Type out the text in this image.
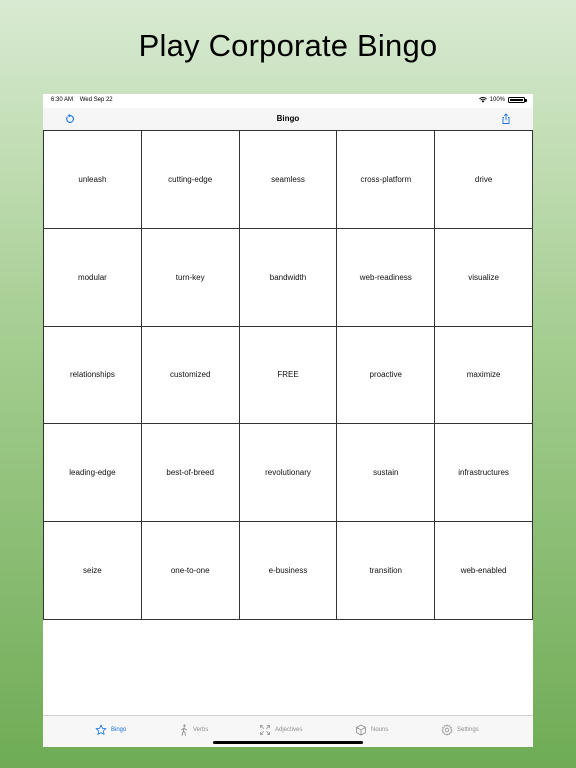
Play Corporate Bingo
6:30 AM Wed Sep 22	100%
Bingo
unleash	cutting-edge	seamless	cross-platform	drive
modular	turn-key	bandwidth	web-readiness	visualize
relationships	customized	FREE	proactive	maximize
leading-edge	best-of-breed	revolutionary	sustain	infrastructures
seize	one-to-one	e-business	transition	web-enabled
Bingo	Verbs	Adjectives	Nouns	Settings
